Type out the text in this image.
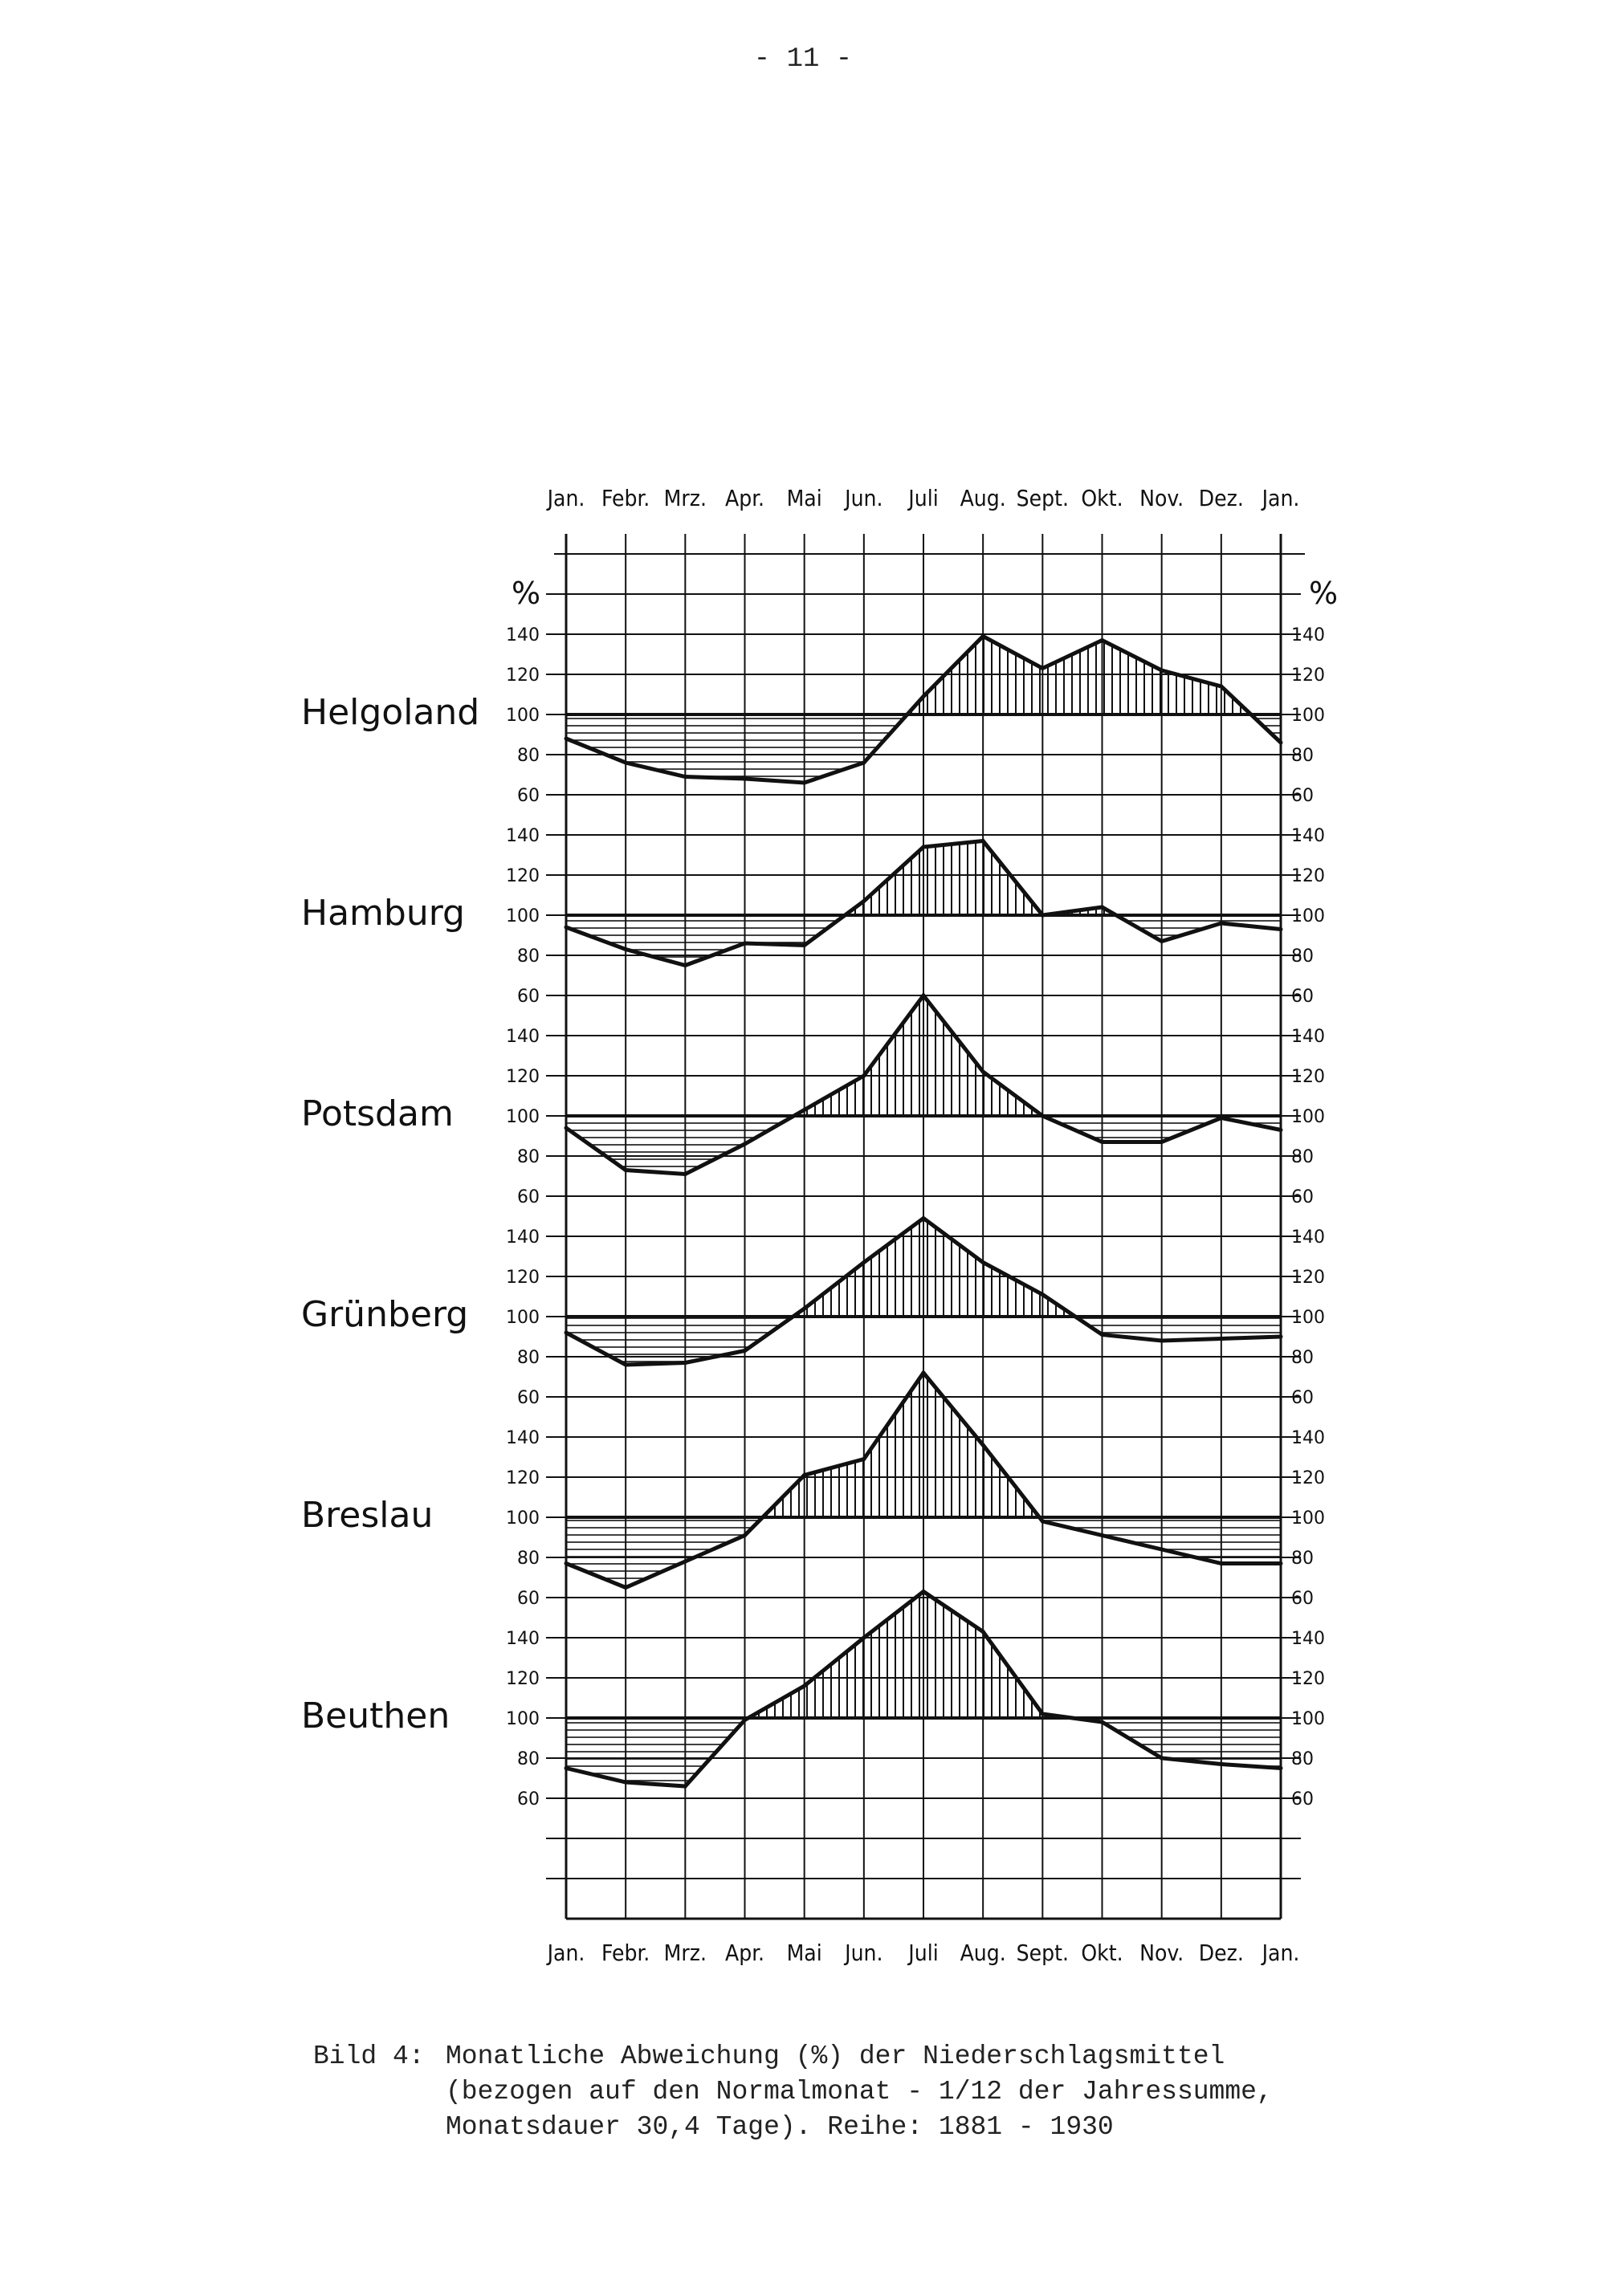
- 11 -
%	%
Jan. Febr. Mrz. Apr. Mai Jun. Juli Aug. Sept. Okt. Nov. Dez. Jan.
Jan. Febr. Mrz. Apr. Mai Jun. Juli Aug. Sept. Okt. Nov. Dez. Jan.
140	140
120	120
100	100
80	80
60	60
Helgoland
140	140
120	120
100	100
80	80
60	60
Hamburg
140	140
120	120
100	100
80	80
60	60
Potsdam
140	140
120	120
100	100
80	80
60	60
Grünberg
140	140
120	120
100	100
80	80
60	60
Breslau
140	140
120	120
100	100
80	80
60	60
Beuthen
Bild 4: Monatliche Abweichung (%) der Niederschlagsmittel
(bezogen auf den Normalmonat - 1/12 der Jahressumme,
Monatsdauer 30,4 Tage). Reihe: 1881 - 1930
